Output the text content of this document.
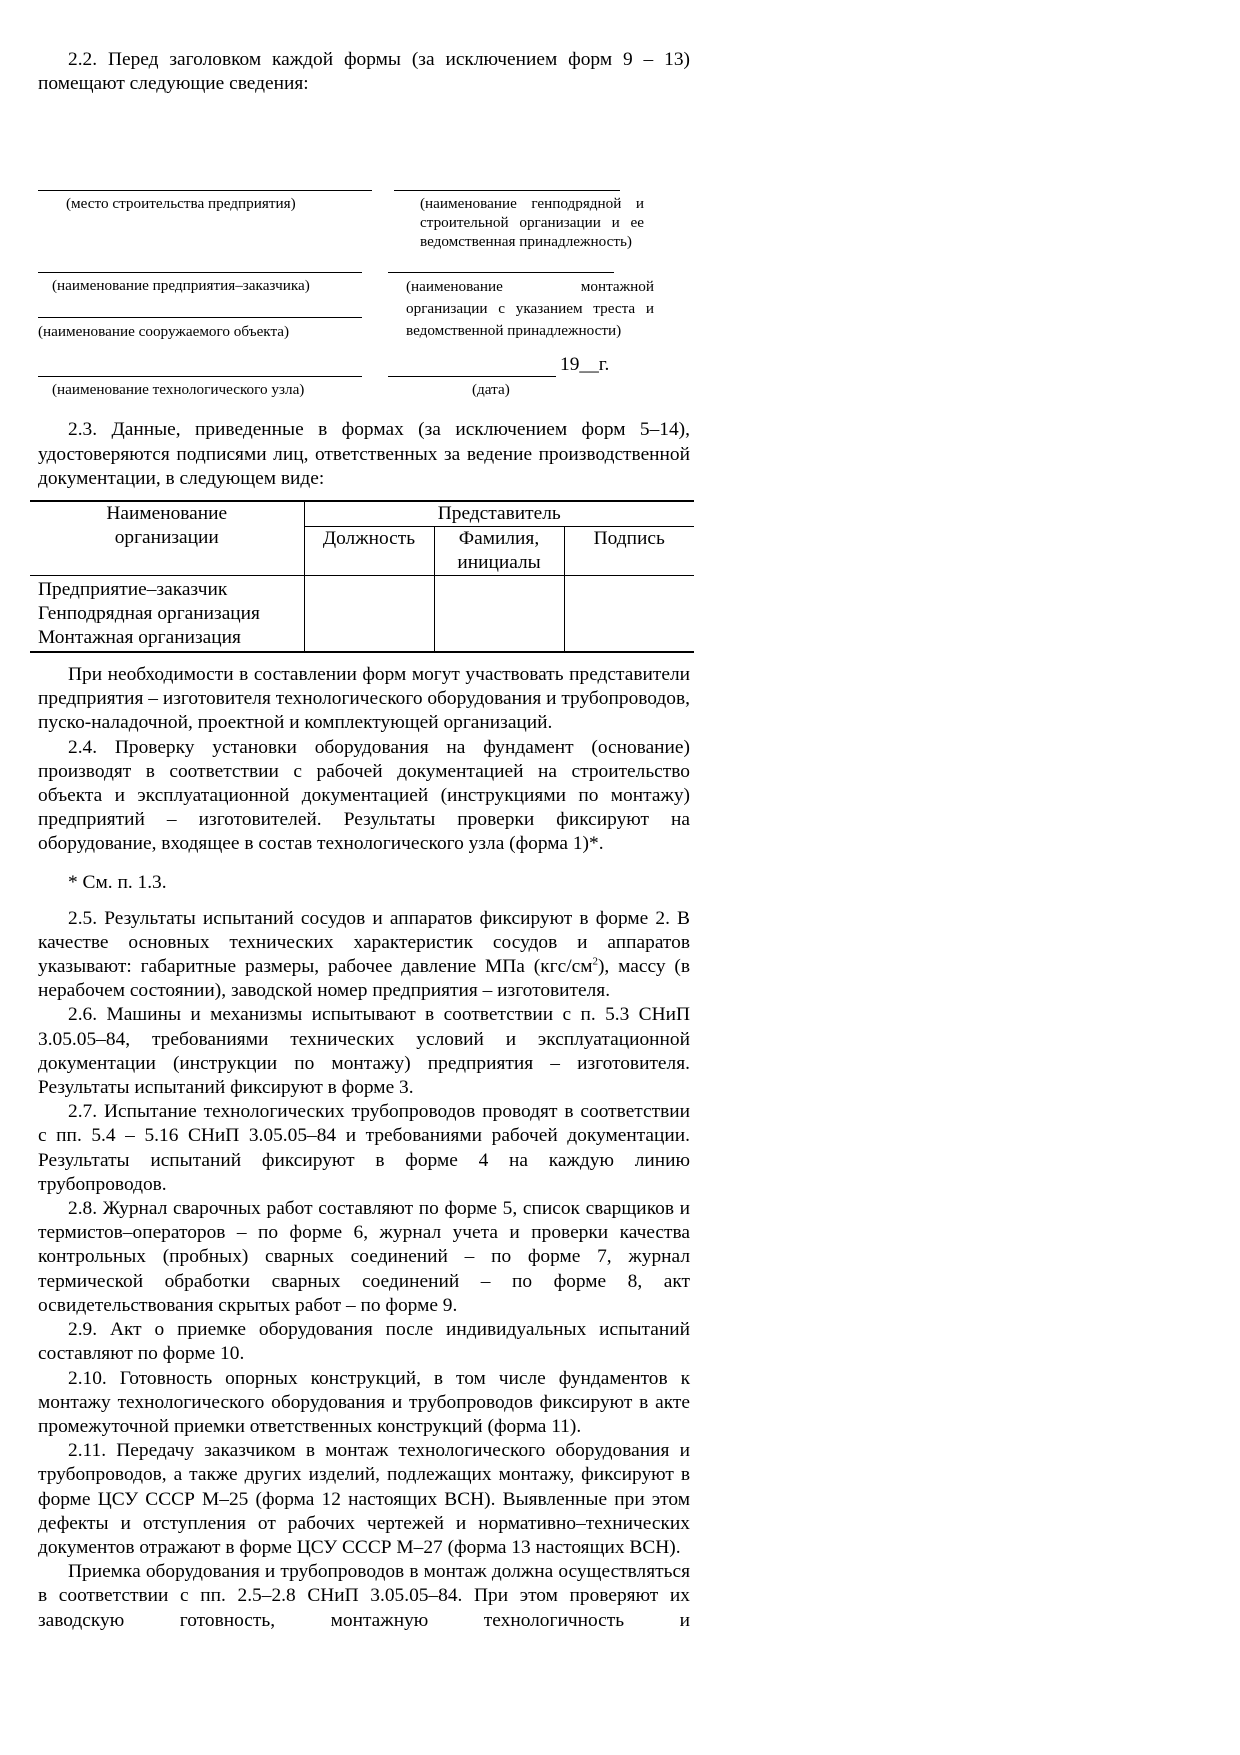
2.2. Перед заголовком каждой формы (за исключением форм 9 – 13) помещают следующие сведения:

(место строительства предприятия)	(наименование генподрядной и строительной организации и ее ведомственная принадлежность)
(наименование предприятия–заказчика)	(наименование монтажной организации с указанием треста и ведомственной принадлежности)
(наименование сооружаемого объекта)
(наименование технологического узла)
19__г.
(дата)

2.3. Данные, приведенные в формах (за исключением форм 5–14), удостоверяются подписями лиц, ответственных за ведение производственной документации, в следующем виде:

Наименование организации	Представитель		
	Должность	Фамилия, инициалы	Подпись

Предприятие–заказчик
Генподрядная организация
Монтажная организация			

При необходимости в составлении форм могут участвовать представители предприятия – изготовителя технологического оборудования и трубопроводов, пуско-наладочной, проектной и комплектующей организаций.

2.4. Проверку установки оборудования на фундамент (основание) производят в соответствии с рабочей документацией на строительство объекта и эксплуатационной документацией (инструкциями по монтажу) предприятий – изготовителей. Результаты проверки фиксируют на оборудование, входящее в состав технологического узла (форма 1)*.

* См. п. 1.3.

2.5. Результаты испытаний сосудов и аппаратов фиксируют в форме 2. В качестве основных технических характеристик сосудов и аппаратов указывают: габаритные размеры, рабочее давление МПа $(кгс/см^2)$, массу (в нерабочем состоянии), заводской номер предприятия – изготовителя.

2.6. Машины и механизмы испытывают в соответствии с п. 5.3 СНиП 3.05.05–84, требованиями технических условий и эксплуатационной документации (инструкции по монтажу) предприятия – изготовителя. Результаты испытаний фиксируют в форме 3.

2.7. Испытание технологических трубопроводов проводят в соответствии с пп. 5.4 – 5.16 СНиП 3.05.05–84 и требованиями рабочей документации. Результаты испытаний фиксируют в форме 4 на каждую линию трубопроводов.

2.8. Журнал сварочных работ составляют по форме 5, список сварщиков и термистов–операторов – по форме 6, журнал учета и проверки качества контрольных (пробных) сварных соединений – по форме 7, журнал термической обработки сварных соединений – по форме 8, акт освидетельствования скрытых работ – по форме 9.

2.9. Акт о приемке оборудования после индивидуальных испытаний составляют по форме 10.

2.10. Готовность опорных конструкций, в том числе фундаментов к монтажу технологического оборудования и трубопроводов фиксируют в акте промежуточной приемки ответственных конструкций (форма 11).

2.11. Передачу заказчиком в монтаж технологического оборудования и трубопроводов, а также других изделий, подлежащих монтажу, фиксируют в форме ЦСУ СССР М–25 (форма 12 настоящих ВСН). Выявленные при этом дефекты и отступления от рабочих чертежей и нормативно–технических документов отражают в форме ЦСУ СССР М–27 (форма 13 настоящих ВСН).

Приемка оборудования и трубопроводов в монтаж должна осуществляться в соответствии с пп. 2.5–2.8 СНиП 3.05.05–84. При этом проверяют их заводскую готовность, монтажную технологичность и
